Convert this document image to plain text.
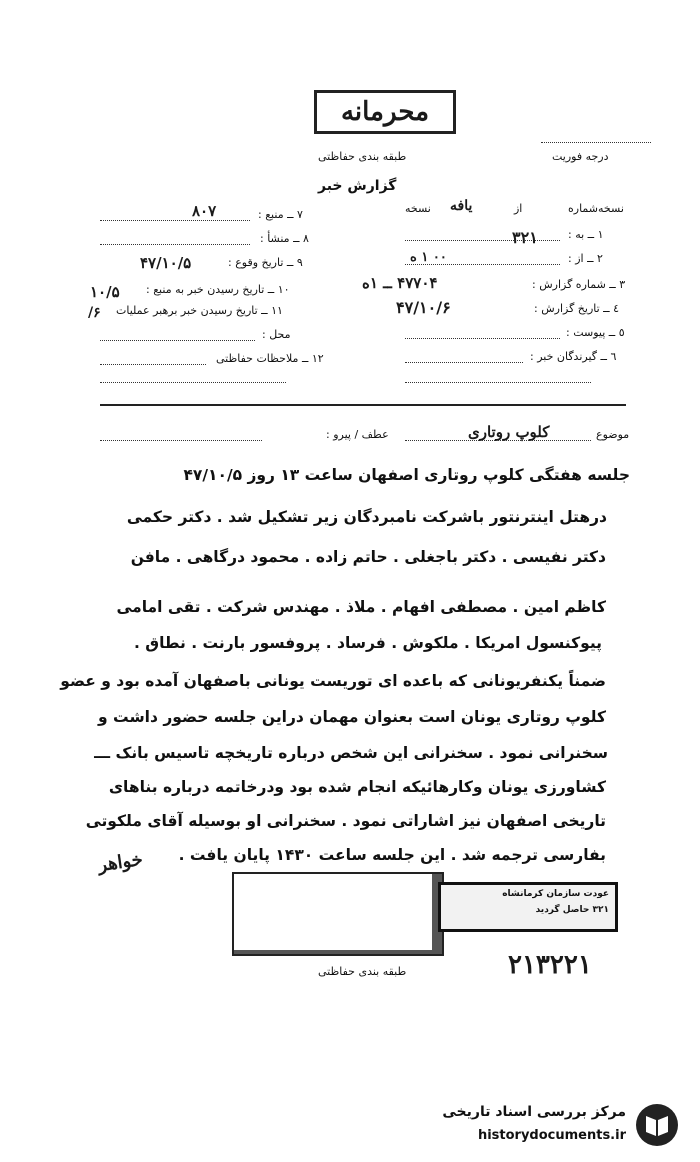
محرمانه
طبقه بندی حفاظتی	درجه فوریت
گزارش خبر
نسخه‌شماره
از
یافه
نسخه
۱ ــ به :
۳۲۱
۲ ــ از :
۰۰ ۱ ه
۳ ــ شماره گزارش :
۴۷۷۰۴ ــ ۱ه
٤ ــ تاریخ گزارش :
۴۷/۱۰/۶
٥ ــ پیوست :
٦ ــ گیرندگان خبر :
۷ ــ منبع :
۸۰۷
۸ ــ منشأ :
۹ ــ تاریخ وقوع :
۴۷/۱۰/۵
۱۰ ــ تاریخ رسیدن خبر به منبع :
۱۰/۵
۱۱ ــ تاریخ رسیدن خبر برهبر عملیات
۶/
محل :
۱۲ ــ ملاحظات حفاظتی
موضوع
کلوپ روتاری
عطف / پیرو :
جلسه هفتگی کلوپ روتاری اصفهان ساعت ۱۳ روز ۴۷/۱۰/۵
درهتل اینترنتور باشرکت نامبردگان زیر تشکیل شد . دکتر حکمی
دکتر نفیسی . دکتر باجغلی . حاتم زاده . محمود درگاهی . مافن
کاظم امین . مصطفی افهام . ملاذ . مهندس شرکت . تقی امامی
پیوکنسول امریکا . ملکوش . فرساد . پروفسور بارنت . نطاق .
ضمناً یکنفریونانی که باعده ای توریست یونانی باصفهان آمده بود و عضو
کلوپ روتاری یونان است بعنوان مهمان دراین جلسه حضور داشت و
سخنرانی نمود . سخنرانی این شخص درباره تاریخچه تاسیس بانک ـــ
کشاورزی یونان وکارهائیکه انجام شده بود ودرخاتمه درباره بناهای
تاریخی اصفهان نیز اشاراتی نمود . سخنرانی او بوسیله آقای ملکوتی
بفارسی ترجمه شد . این جلسه ساعت ۱۴۳۰ پایان یافت .
خواهر
عودت سازمان کرمانشاه
۳۲۱ حاصل گردید
طبقه بندی حفاظتی	۲۱۳۲۲۱
مرکز بررسی اسناد تاریخی
historydocuments.ir
